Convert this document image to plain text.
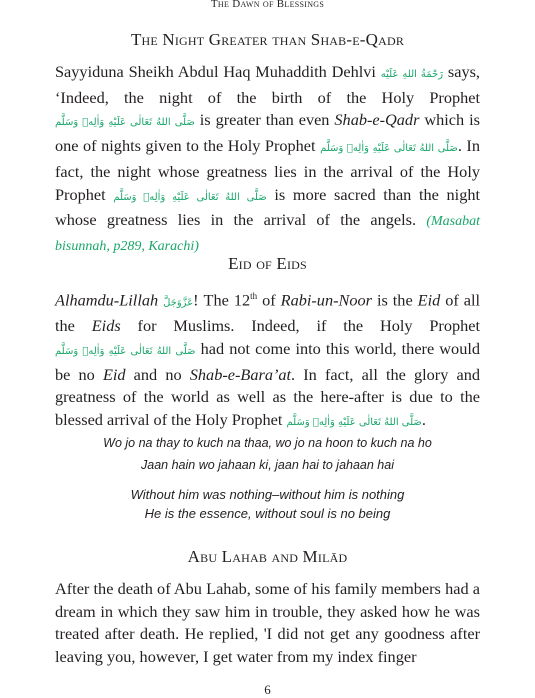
The Dawn of Blessings
The Night Greater than Shab-e-Qadr

Sayyiduna Sheikh Abdul Haq Muhaddith Dehlvi رَحْمَةُ اللهِ عَلَيْه says, ‘Indeed, the night of the birth of the Holy Prophet صَلَّى اللهُ تَعَالٰى عَلَيْهِ وَاٰلِهٖ وَسَلَّم is greater than even Shab-e-Qadr which is one of nights given to the Holy Prophet صَلَّى اللهُ تَعَالٰى عَلَيْهِ وَاٰلِهٖ وَسَلَّم. In fact, the night whose greatness lies in the arrival of the Holy Prophet صَلَّى اللهُ تَعَالٰى عَلَيْهِ وَاٰلِهٖ وَسَلَّم is more sacred than the night whose greatness lies in the arrival of the angels. (Masabat bisunnah, p289, Karachi)

Eid of Eids

Alhamdu-Lillah عَزَّوَجَلَّ! The 12th of Rabi-un-Noor is the Eid of all the Eids for Muslims. Indeed, if the Holy Prophet صَلَّى اللهُ تَعَالٰى عَلَيْهِ وَاٰلِهٖ وَسَلَّم had not come into this world, there would be no Eid and no Shab-e-Bara’at. In fact, all the glory and greatness of the world as well as the here-after is due to the blessed arrival of the Holy Prophet صَلَّى اللهُ تَعَالٰى عَلَيْهِ وَاٰلِهٖ وَسَلَّم.

Wo jo na thay to kuch na thaa, wo jo na hoon to kuch na ho
Jaan hain wo jahaan ki, jaan hai to jahaan hai
Without him was nothing–without him is nothing
He is the essence, without soul is no being
Abu Lahab and Milād

After the death of Abu Lahab, some of his family members had a dream in which they saw him in trouble, they asked how he was treated after death. He replied, 'I did not get any goodness after leaving you, however, I get water from my index finger

6
